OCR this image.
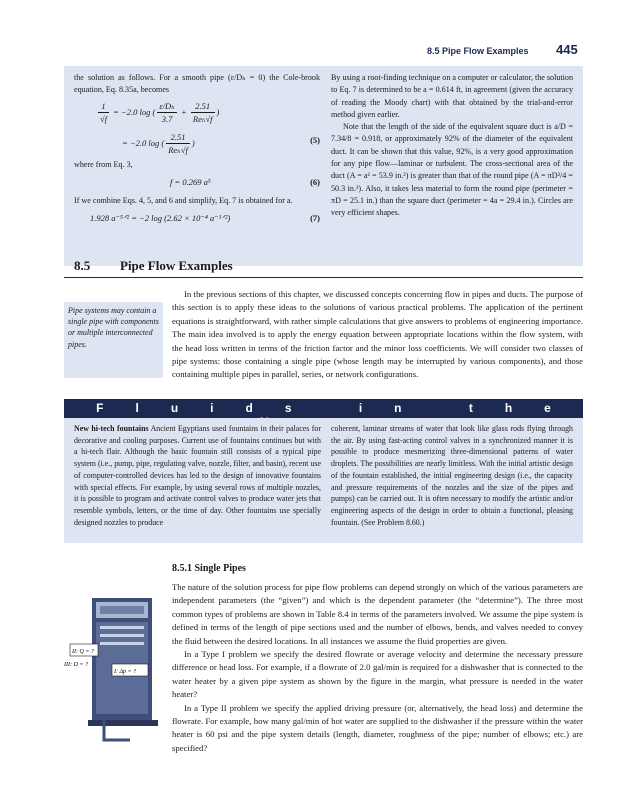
8.5 Pipe Flow Examples 445

the solution as follows. For a smooth pipe (ε/Dₕ = 0) the Cole-brook equation, Eq. 8.35a, becomes

$\frac{1}{√f} = -2.0$ log ( $\frac{\text{ε/Dₕ}}{3.7} + \frac{2.51}{\text{Reₕ√f}}$ )
= −2.0 log ( $\frac{2.51}{\text{Reₕ√f}}$ )	(5)

where from Eq. 3,

f = 0.269 a⁵	(6)

If we combine Eqs. 4, 5, and 6 and simplify, Eq. 7 is obtained for a.

1.928 a⁻⁵ᐟ² = −2 log (2.62 × 10⁻⁴ a⁻¹ᐟ²)	(7)

By using a root-finding technique on a computer or calculator, the solution to Eq. 7 is determined to be a = 0.614 ft, in agreement (given the accuracy of reading the Moody chart) with that obtained by the trial-and-error method given earlier.

Note that the length of the side of the equivalent square duct is a/D = 7.34/8 = 0.918, or approximately 92% of the diameter of the equivalent duct. It can be shown that this value, 92%, is a very good approximation for any pipe flow—laminar or turbulent. The cross-sectional area of the duct (A = a² = 53.9 in.²) is greater than that of the round pipe (A = πD²/4 = 50.3 in.²). Also, it takes less material to form the round pipe (perimeter = πD = 25.1 in.) than the square duct (perimeter = 4a = 29.4 in.). Circles are very efficient shapes.

8.5 Pipe Flow Examples
Pipe systems may contain a single pipe with components or multiple interconnected pipes.

In the previous sections of this chapter, we discussed concepts concerning flow in pipes and ducts. The purpose of this section is to apply these ideas to the solutions of various practical problems. The application of the pertinent equations is straightforward, with rather simple calculations that give answers to problems of engineering importance. The main idea involved is to apply the energy equation between appropriate locations within the flow system, with the head loss written in terms of the friction factor and the minor loss coefficients. We will consider two classes of pipe systems: those containing a single pipe (whose length may be interrupted by various components), and those containing multiple pipes in parallel, series, or network configurations.

Fluids in the

New hi-tech fountains Ancient Egyptians used fountains in their palaces for decorative and cooling purposes. Current use of fountains continues but with a hi-tech flair. Although the basic fountain still consists of a typical pipe system (i.e., pump, pipe, regulating valve, nozzle, filter, and basin), recent use of computer-controlled devices has led to the design of innovative fountains with special effects. For example, by using several rows of multiple nozzles, it is possible to program and activate control valves to produce water jets that resemble symbols, letters, or the time of day. Other fountains use specially designed nozzles to produce

coherent, laminar streams of water that look like glass rods flying through the air. By using fast-acting control valves in a synchronized manner it is possible to produce mesmerizing three-dimensional patterns of water droplets. The possibilities are nearly limitless. With the initial artistic design of the fountain established, the initial engineering design (i.e., the capacity and pressure requirements of the nozzles and the size of the pipes and pumps) can be carried out. It is often necessary to modify the artistic and/or engineering aspects of the design in order to obtain a functional, pleasing fountain. (See Problem 8.60.)

8.5.1 Single Pipes

The nature of the solution process for pipe flow problems can depend strongly on which of the various parameters are independent parameters (the “given”) and which is the dependent parameter (the “determine”). The three most common types of problems are shown in Table 8.4 in terms of the parameters involved. We assume the pipe system is defined in terms of the length of pipe sections used and the number of elbows, bends, and valves needed to convey the fluid between the desired locations. In all instances we assume the fluid properties are given.

In a Type I problem we specify the desired flowrate or average velocity and determine the necessary pressure difference or head loss. For example, if a flowrate of 2.0 gal/min is required for a dishwasher that is connected to the water heater by a given pipe system as shown by the figure in the margin, what pressure is needed in the water heater?

In a Type II problem we specify the applied driving pressure (or, alternatively, the head loss) and determine the flowrate. For example, how many gal/min of hot water are supplied to the dishwasher if the pressure within the water heater is 60 psi and the pipe system details (length, diameter, roughness of the pipe; number of elbows; etc.) are specified?

II: Q = ?
I: Δp = ?
III: D = ?
